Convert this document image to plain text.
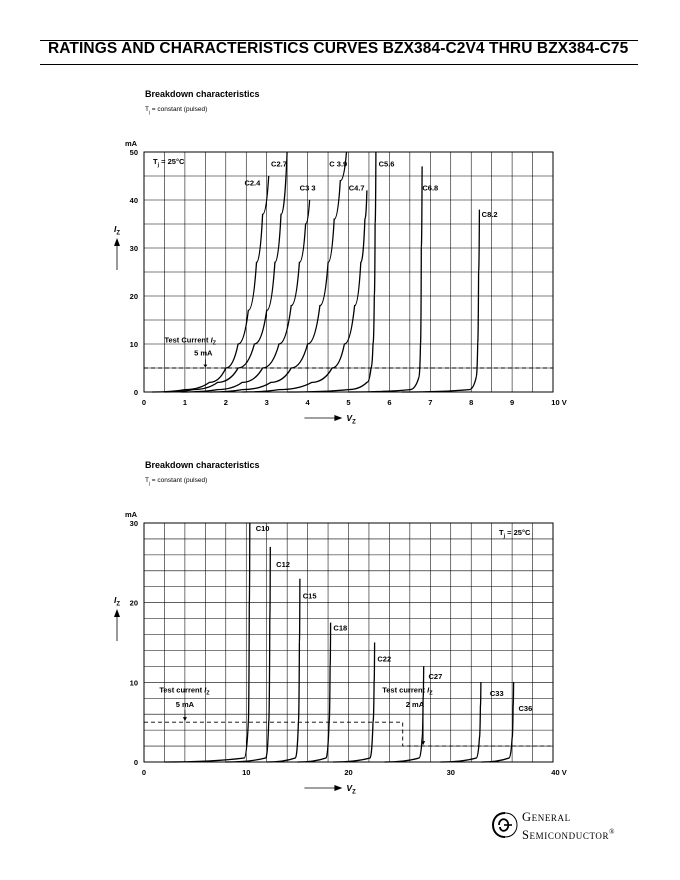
RATINGS AND CHARACTERISTICS CURVES BZX384-C2V4 THRU BZX384-C75
Breakdown characteristics
$T_j$ = constant (pulsed)
0	1	2	3	4	5	6	7	8	9	10 V
0
10
20
30
40
50
mA
$I_Z$
$V_Z$
$T_j = 25^\circ C$
C2.4
C2.7
C3 3
C 3.9
C4.7
C5.6
C6.8
C8.2
Test Current $I_Z$
5 mA
Breakdown characteristics
$T_j$ = constant (pulsed)
0	10	20	30	40 V
0
10
20
30
mA
$I_Z$
$V_Z$
$T_j = 25^\circ C$
C10
C12
C15
C18
C22
C27
C33
C36
Test current $I_Z$
5 mA
Test current $I_Z$
2 mA
General
Semiconductor®
